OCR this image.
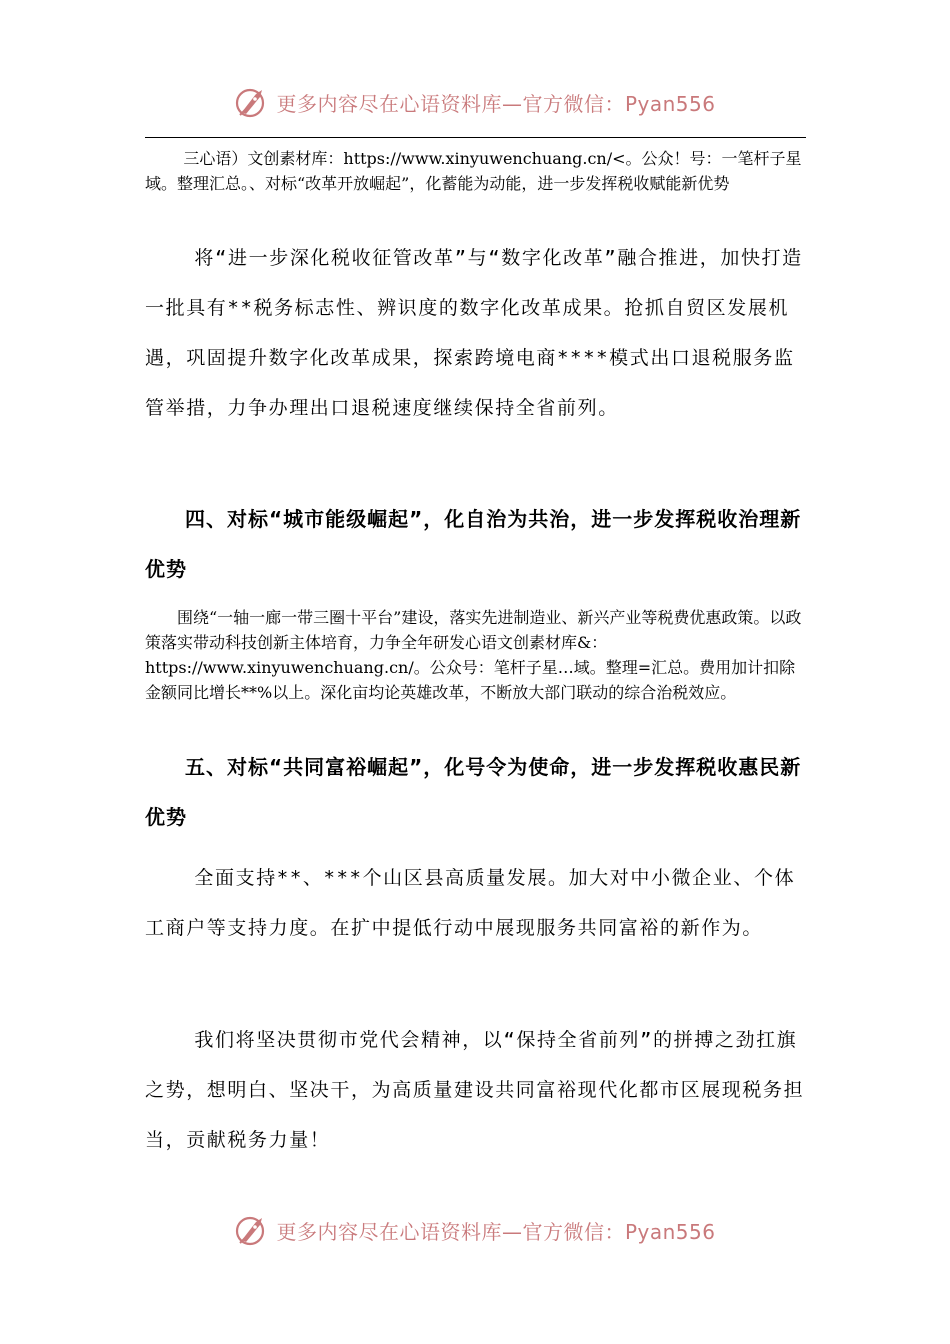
更多内容尽在心语资料库—官方微信：Pyan556

三心语）文创素材库：https://www.xinyuwenchuang.cn/<。公众！号：一笔杆子星域。整理汇总。、对标“改革开放崛起”，化蓄能为动能，进一步发挥税收赋能新优势

将“进一步深化税收征管改革”与“数字化改革”融合推进，加快打造一批具有**税务标志性、辨识度的数字化改革成果。抢抓自贸区发展机遇，巩固提升数字化改革成果，探索跨境电商****模式出口退税服务监管举措，力争办理出口退税速度继续保持全省前列。

四、对标“城市能级崛起”，化自治为共治，进一步发挥税收治理新优势

围绕“一轴一廊一带三圈十平台”建设，落实先进制造业、新兴产业等税费优惠政策。以政策落实带动科技创新主体培育，力争全年研发心语文创素材库&：https://www.xinyuwenchuang.cn/。公众号：笔杆子星…域。整理=汇总。费用加计扣除金额同比增长**%以上。深化亩均论英雄改革，不断放大部门联动的综合治税效应。

五、对标“共同富裕崛起”，化号令为使命，进一步发挥税收惠民新优势

全面支持**、***个山区县高质量发展。加大对中小微企业、个体工商户等支持力度。在扩中提低行动中展现服务共同富裕的新作为。

我们将坚决贯彻市党代会精神，以“保持全省前列”的拼搏之劲扛旗之势，想明白、坚决干，为高质量建设共同富裕现代化都市区展现税务担当，贡献税务力量！

更多内容尽在心语资料库—官方微信：Pyan556
